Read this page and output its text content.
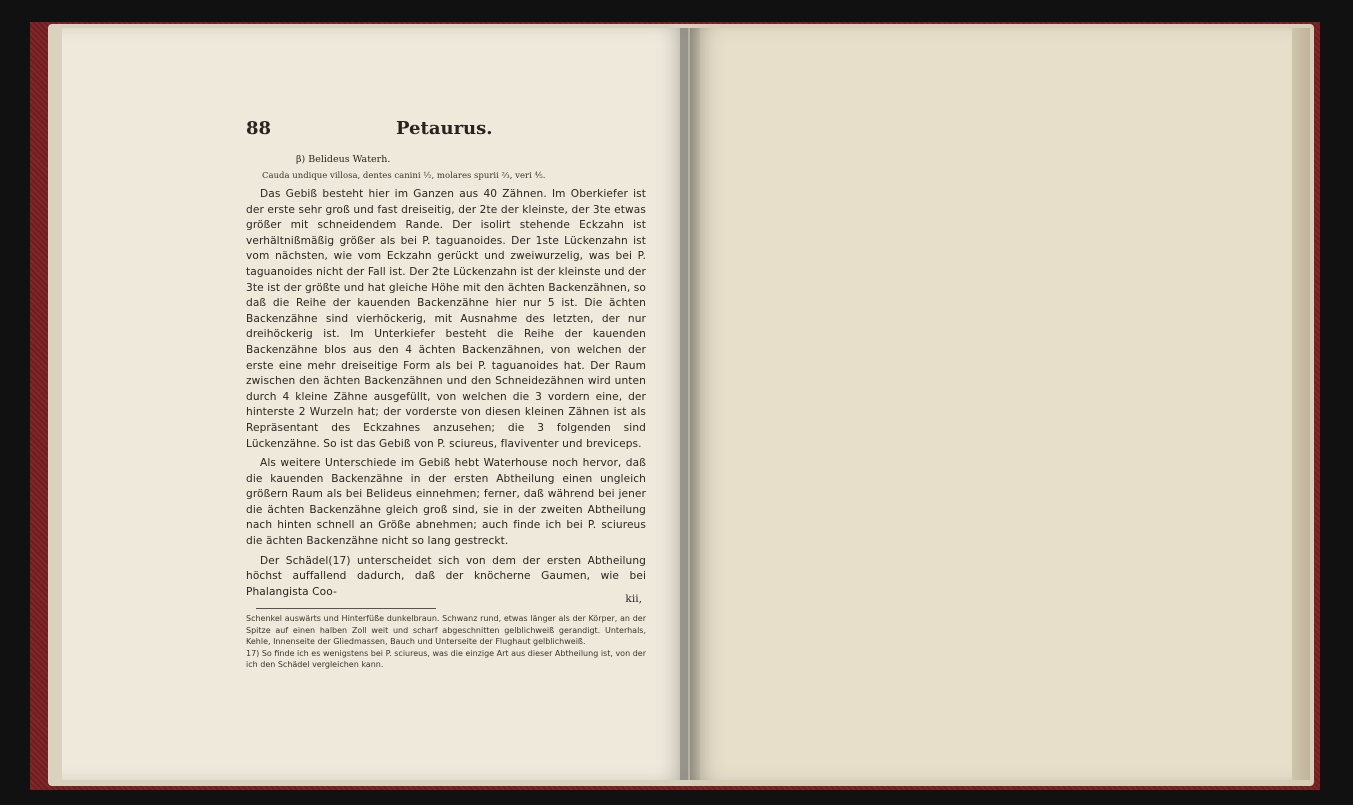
88	Petaurus.
β) Belideus Waterh.
Cauda undique villosa, dentes canini ½, molares spurii ⅔, veri ⅘.

Das Gebiß besteht hier im Ganzen aus 40 Zähnen. Im Oberkiefer ist der erste sehr groß und fast dreiseitig, der 2te der kleinste, der 3te etwas größer mit schneidendem Rande. Der isolirt stehende Eckzahn ist verhältnißmäßig größer als bei P. taguanoides. Der 1ste Lückenzahn ist vom nächsten, wie vom Eckzahn gerückt und zweiwurzelig, was bei P. taguanoides nicht der Fall ist. Der 2te Lückenzahn ist der kleinste und der 3te ist der größte und hat gleiche Höhe mit den ächten Backenzähnen, so daß die Reihe der kauenden Backenzähne hier nur 5 ist. Die ächten Backenzähne sind vierhöckerig, mit Ausnahme des letzten, der nur dreihöckerig ist. Im Unterkiefer besteht die Reihe der kauenden Backenzähne blos aus den 4 ächten Backenzähnen, von welchen der erste eine mehr dreiseitige Form als bei P. taguanoides hat. Der Raum zwischen den ächten Backenzähnen und den Schneidezähnen wird unten durch 4 kleine Zähne ausgefüllt, von welchen die 3 vordern eine, der hinterste 2 Wurzeln hat; der vorderste von diesen kleinen Zähnen ist als Repräsentant des Eckzahnes anzusehen; die 3 folgenden sind Lückenzähne. So ist das Gebiß von P. sciureus, flaviventer und breviceps.

Als weitere Unterschiede im Gebiß hebt Waterhouse noch hervor, daß die kauenden Backenzähne in der ersten Abtheilung einen ungleich größern Raum als bei Belideus einnehmen; ferner, daß während bei jener die ächten Backenzähne gleich groß sind, sie in der zweiten Abtheilung nach hinten schnell an Größe abnehmen; auch finde ich bei P. sciureus die ächten Backenzähne nicht so lang gestreckt.

Der Schädel(17) unterscheidet sich von dem der ersten Abtheilung höchst auffallend dadurch, daß der knöcherne Gaumen, wie bei Phalangista Coo-

kii,

Schenkel auswärts und Hinterfüße dunkelbraun. Schwanz rund, etwas länger als der Körper, an der Spitze auf einen halben Zoll weit und scharf abgeschnitten gelblichweiß gerandigt. Unterhals, Kehle, Innenseite der Gliedmassen, Bauch und Unterseite der Flughaut gelblichweiß.

17) So finde ich es wenigstens bei P. sciureus, was die einzige Art aus dieser Abtheilung ist, von der ich den Schädel vergleichen kann.
